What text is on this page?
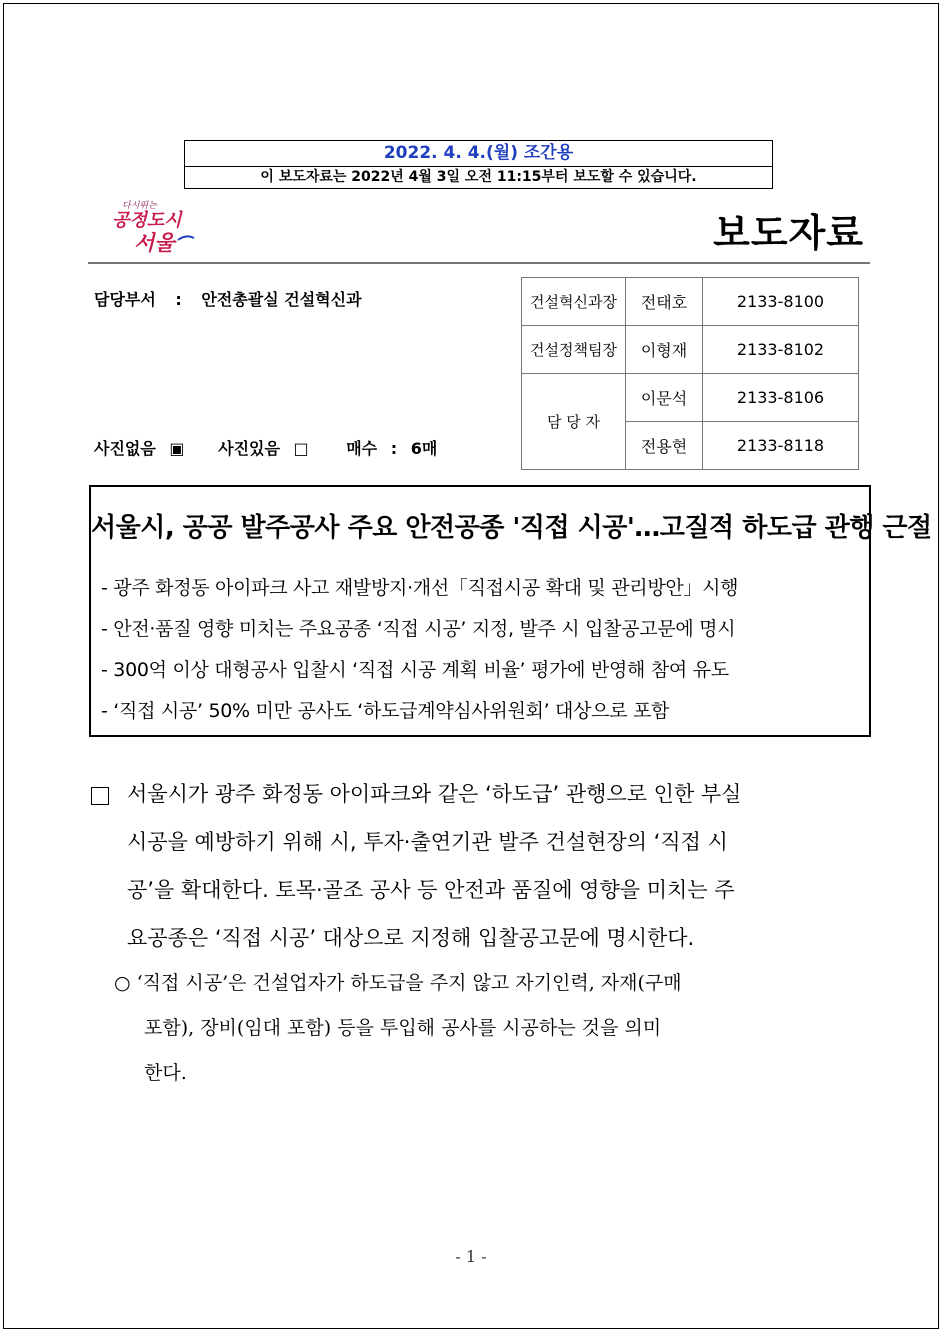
2022. 4. 4.(월) 조간용
이 보도자료는 2022년 4월 3일 오전 11:15부터 보도할 수 있습니다.
다시뛰는
공정도시
서울	보도자료
담당부서 : 안전총괄실 건설혁신과	건설혁신과장	전태호	2133-8100
건설정책팀장	이형재	2133-8102
담 당 자	이문석	2133-8106
	전용현	2133-8118
사진없음 ▣ 사진있음 □ 매수 : 6매
서울시, 공공 발주공사 주요 안전공종 '직접 시공'…고질적 하도급 관행 근절
- 광주 화정동 아이파크 사고 재발방지·개선「직접시공 확대 및 관리방안」시행
- 안전·품질 영향 미치는 주요공종 ‘직접 시공’ 지정, 발주 시 입찰공고문에 명시
- 300억 이상 대형공사 입찰시 ‘직접 시공 계획 비율’ 평가에 반영해 참여 유도
- ‘직접 시공’ 50% 미만 공사도 ‘하도급계약심사위원회’ 대상으로 포함
서울시가 광주 화정동 아이파크와 같은 ‘하도급’ 관행으로 인한 부실
시공을 예방하기 위해 시, 투자·출연기관 발주 건설현장의 ‘직접 시
공’을 확대한다. 토목·골조 공사 등 안전과 품질에 영향을 미치는 주
요공종은 ‘직접 시공’ 대상으로 지정해 입찰공고문에 명시한다.
○ ‘직접 시공’은 건설업자가 하도급을 주지 않고 자기인력, 자재(구매
포함), 장비(임대 포함) 등을 투입해 공사를 시공하는 것을 의미
한다.
- 1 -
